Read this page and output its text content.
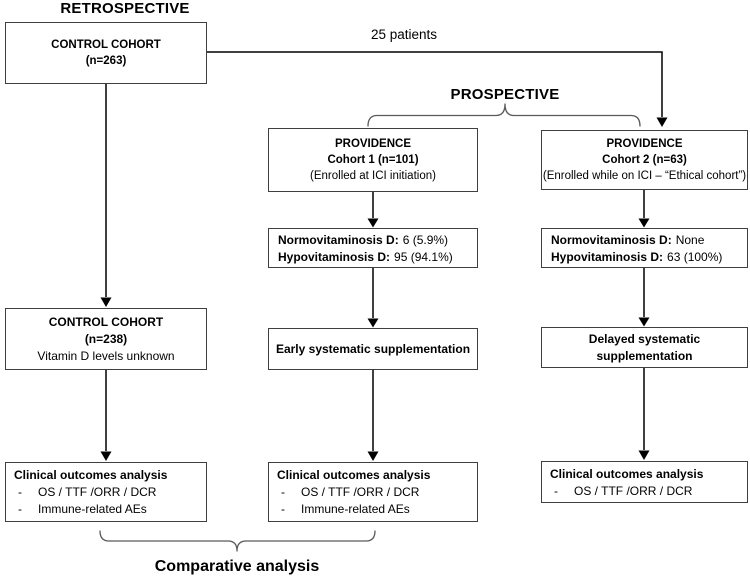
RETROSPECTIVE
25 patients
PROSPECTIVE
Comparative analysis
CONTROL COHORT
(n=263)
CONTROL COHORT
(n=238)
Vitamin D levels unknown
Clinical outcomes analysis
-	OS / TTF /ORR / DCR
-	Immune-related AEs
PROVIDENCE
Cohort 1 (n=101)
(Enrolled at ICI initiation)
Normovitaminosis D: 6 (5.9%)
Hypovitaminosis D: 95 (94.1%)
Early systematic supplementation
Clinical outcomes analysis
-	OS / TTF /ORR / DCR
-	Immune-related AEs
PROVIDENCE
Cohort 2 (n=63)
(Enrolled while on ICI – “Ethical cohort”)
Normovitaminosis D: None
Hypovitaminosis D: 63 (100%)
Delayed systematic supplementation
Clinical outcomes analysis
-	OS / TTF /ORR / DCR
